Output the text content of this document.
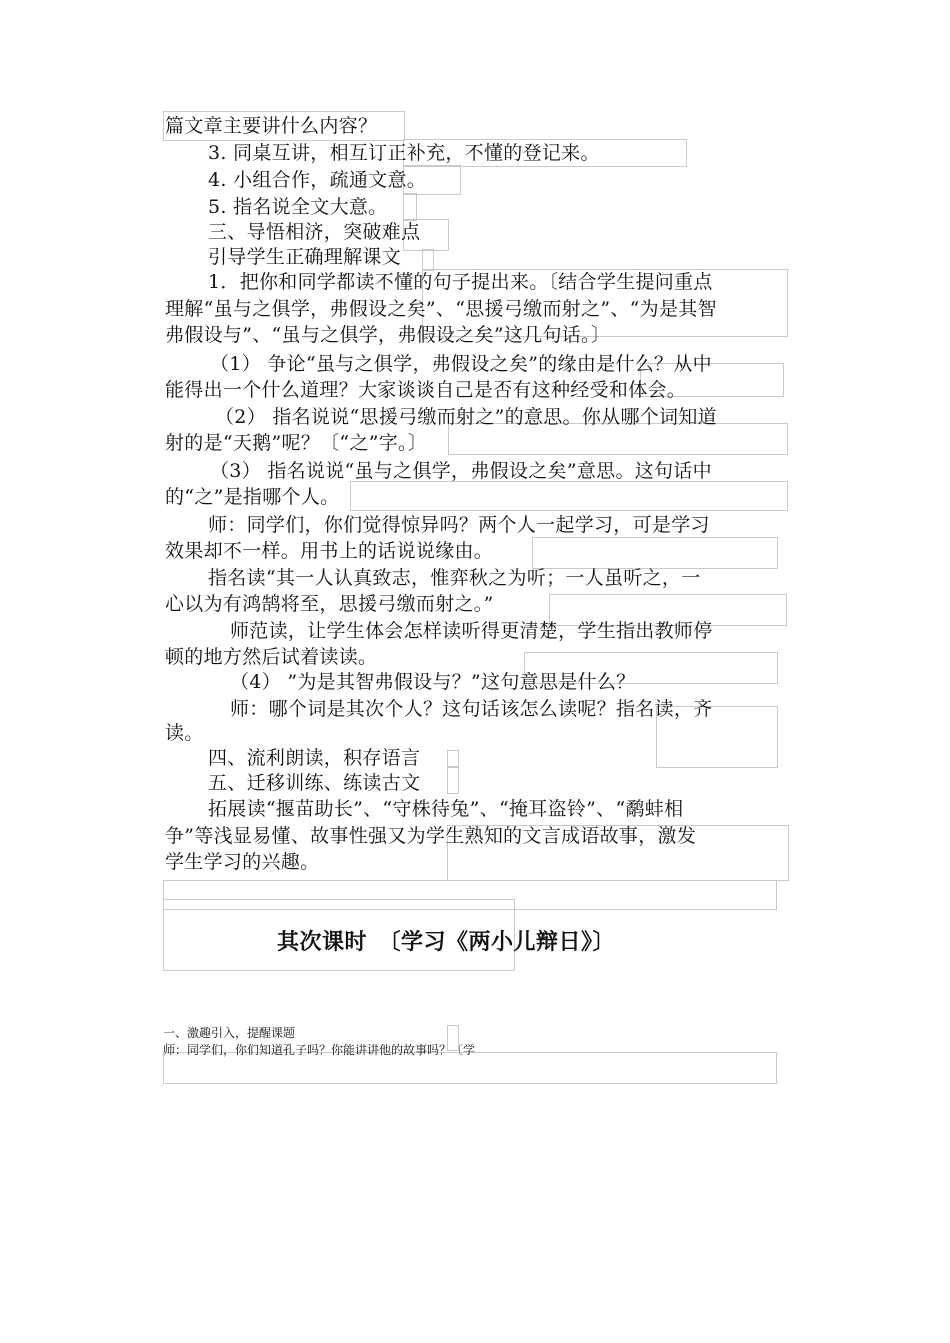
篇文章主要讲什么内容？
3. 同桌互讲，相互订正补充，不懂的登记来。
4. 小组合作，疏通文意。
5. 指名说全文大意。
三、导悟相济，突破难点
引导学生正确理解课文
1．把你和同学都读不懂的句子提出来。〔结合学生提问重点
理解“虽与之俱学，弗假设之矣”、“思援弓缴而射之”、“为是其智
弗假设与”、“虽与之俱学，弗假设之矣”这几句话。〕
（1） 争论“虽与之俱学，弗假设之矣”的缘由是什么？从中
能得出一个什么道理？大家谈谈自己是否有这种经受和体会。
（2） 指名说说“思援弓缴而射之”的意思。你从哪个词知道
射的是“天鹅”呢？〔“之”字。〕
（3） 指名说说“虽与之俱学，弗假设之矣”意思。这句话中
的“之”是指哪个人。
师：同学们，你们觉得惊异吗？两个人一起学习，可是学习
效果却不一样。用书上的话说说缘由。
指名读“其一人认真致志，惟弈秋之为听；一人虽听之，一
心以为有鸿鹄将至，思援弓缴而射之。”
师范读，让学生体会怎样读听得更清楚，学生指出教师停
顿的地方然后试着读读。
（4） ”为是其智弗假设与？”这句意思是什么？
师：哪个词是其次个人？这句话该怎么读呢？指名读，齐
读。
四、流利朗读，积存语言
五、迁移训练、练读古文
拓展读“揠苗助长”、“守株待兔”、“掩耳盗铃”、“鹬蚌相
争”等浅显易懂、故事性强又为学生熟知的文言成语故事，激发
学生学习的兴趣。
其次课时　〔学习《两小儿辩日》〕
一、激趣引入，提醒课题
师：同学们，你们知道孔子吗？你能讲讲他的故事吗？〔学
